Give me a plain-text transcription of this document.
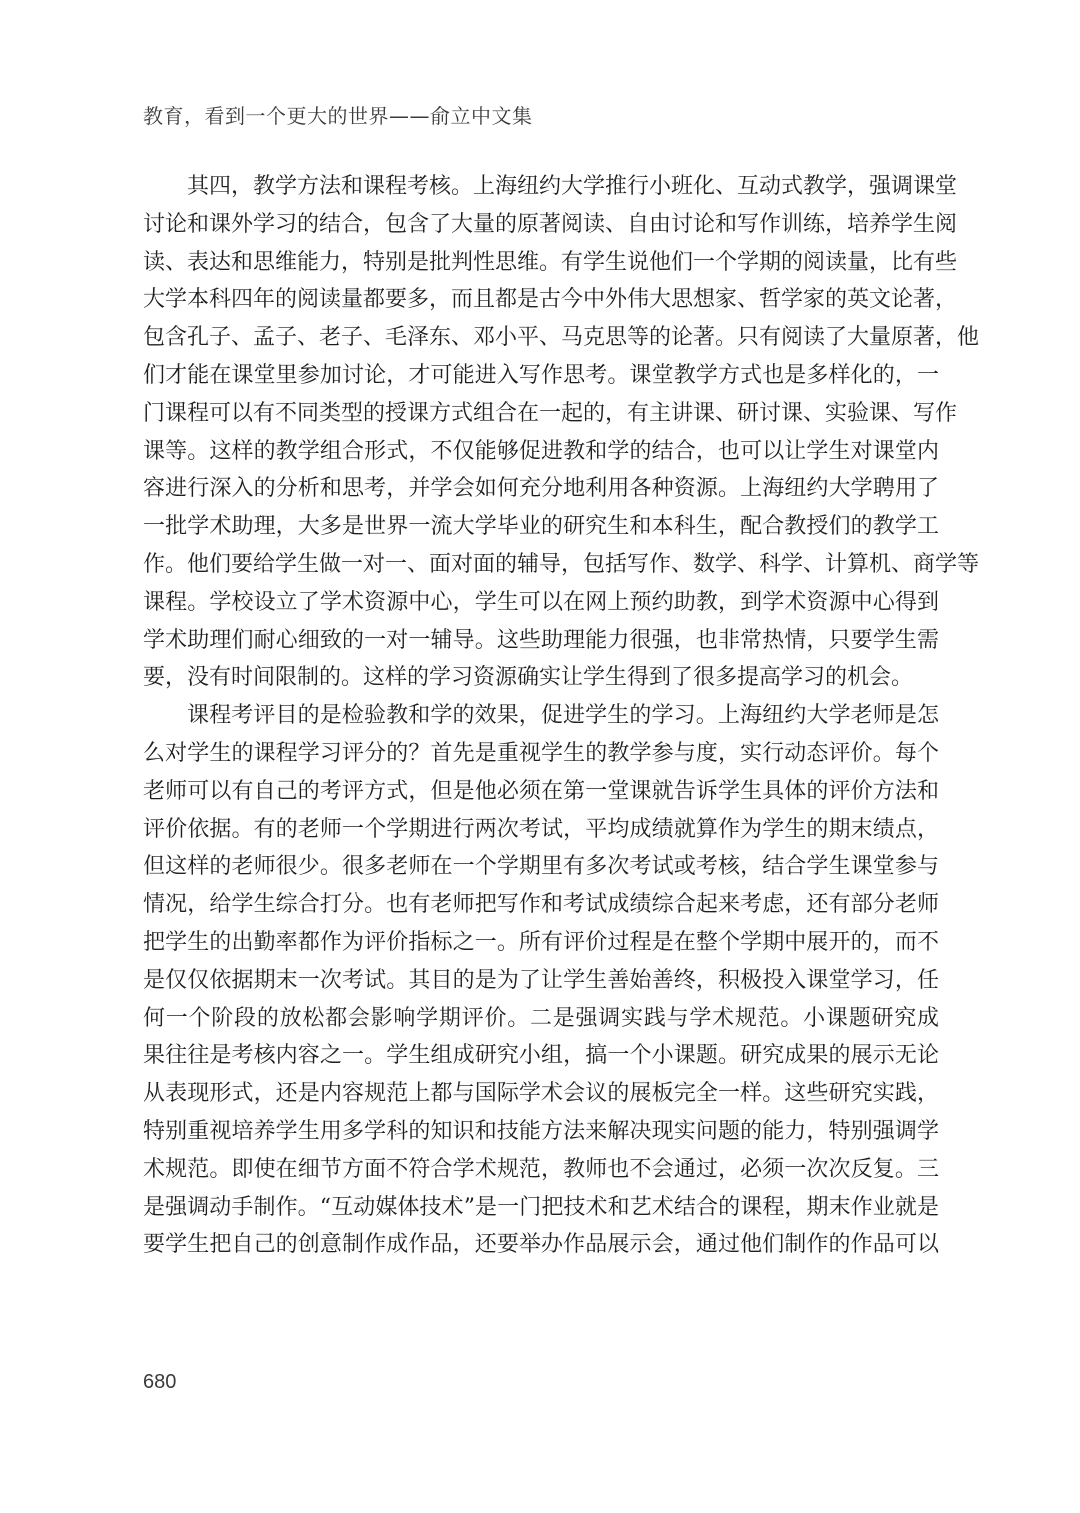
教育，看到一个更大的世界——俞立中文集
其四，教学方法和课程考核。上海纽约大学推行小班化、互动式教学，强调课堂
讨论和课外学习的结合，包含了大量的原著阅读、自由讨论和写作训练，培养学生阅
读、表达和思维能力，特别是批判性思维。有学生说他们一个学期的阅读量，比有些
大学本科四年的阅读量都要多，而且都是古今中外伟大思想家、哲学家的英文论著，
包含孔子、孟子、老子、毛泽东、邓小平、马克思等的论著。只有阅读了大量原著，他
们才能在课堂里参加讨论，才可能进入写作思考。课堂教学方式也是多样化的，一
门课程可以有不同类型的授课方式组合在一起的，有主讲课、研讨课、实验课、写作
课等。这样的教学组合形式，不仅能够促进教和学的结合，也可以让学生对课堂内
容进行深入的分析和思考，并学会如何充分地利用各种资源。上海纽约大学聘用了
一批学术助理，大多是世界一流大学毕业的研究生和本科生，配合教授们的教学工
作。他们要给学生做一对一、面对面的辅导，包括写作、数学、科学、计算机、商学等
课程。学校设立了学术资源中心，学生可以在网上预约助教，到学术资源中心得到
学术助理们耐心细致的一对一辅导。这些助理能力很强，也非常热情，只要学生需
要，没有时间限制的。这样的学习资源确实让学生得到了很多提高学习的机会。
课程考评目的是检验教和学的效果，促进学生的学习。上海纽约大学老师是怎
么对学生的课程学习评分的？首先是重视学生的教学参与度，实行动态评价。每个
老师可以有自己的考评方式，但是他必须在第一堂课就告诉学生具体的评价方法和
评价依据。有的老师一个学期进行两次考试，平均成绩就算作为学生的期末绩点，
但这样的老师很少。很多老师在一个学期里有多次考试或考核，结合学生课堂参与
情况，给学生综合打分。也有老师把写作和考试成绩综合起来考虑，还有部分老师
把学生的出勤率都作为评价指标之一。所有评价过程是在整个学期中展开的，而不
是仅仅依据期末一次考试。其目的是为了让学生善始善终，积极投入课堂学习，任
何一个阶段的放松都会影响学期评价。二是强调实践与学术规范。小课题研究成
果往往是考核内容之一。学生组成研究小组，搞一个小课题。研究成果的展示无论
从表现形式，还是内容规范上都与国际学术会议的展板完全一样。这些研究实践，
特别重视培养学生用多学科的知识和技能方法来解决现实问题的能力，特别强调学
术规范。即使在细节方面不符合学术规范，教师也不会通过，必须一次次反复。三
是强调动手制作。“互动媒体技术”是一门把技术和艺术结合的课程，期末作业就是
要学生把自己的创意制作成作品，还要举办作品展示会，通过他们制作的作品可以
680
